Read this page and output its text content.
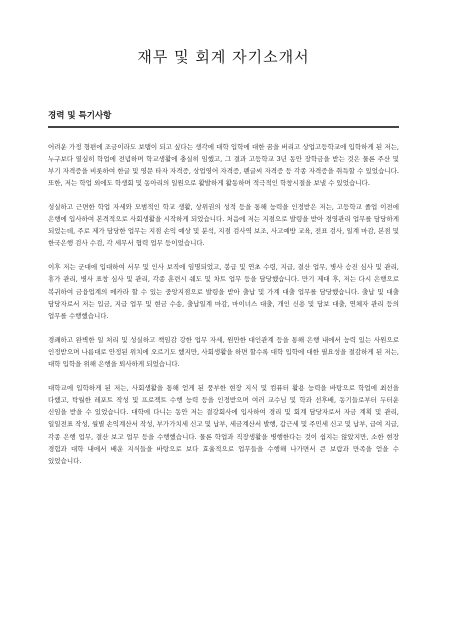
재무 및 회계 자기소개서
경력 및 특기사항

어려운 가정 형편에 조금이라도 보탬이 되고 싶다는 생각에 대학 입학에 대한 꿈을 버리고 상업고등학교에 입학하게 된 저는, 누구보다 열심히 학업에 전념하며 학교생활에 충실히 임했고, 그 결과 고등학교 3년 동안 장학금을 받는 것은 물론 주산 및 부기 자격증을 비롯하여 한글 및 영문 타자 자격증, 상업영어 자격증, 펜글씨 자격증 등 각종 자격증을 취득할 수 있었습니다. 또한, 저는 학업 외에도 학생회 및 동아리의 일원으로 활발하게 활동하며 적극적인 학창시절을 보낼 수 있었습니다.

성실하고 근면한 학업 자세와 모범적인 학교 생활, 상위권의 성적 등을 통해 능력을 인정받은 저는, 고등학교 졸업 이전에 은행에 입사하여 본격적으로 사회생활을 시작하게 되었습니다. 처음에 저는 지점으로 발령을 받아 경영관리 업무를 담당하게 되었는데, 주로 제가 담당한 업무는 지점 손익 예상 및 분석, 지점 검사역 보조, 사고예방 교육, 전표 검사, 일계 마감, 본점 및 한국은행 검사 수검, 각 세무서 협력 업무 등이었습니다.

이후 저는 군대에 입대하여 서무 및 인사 보직에 임명되었고, 봉급 및 연초 수령, 지급, 결산 업무, 병사 승진 심사 및 관리, 휴가 관리, 병사 표창 심사 및 관리, 각종 훈련시 쉐도 및 차트 업무 등을 담당했습니다. 만기 제대 후, 저는 다시 은행으로 복귀하여 금융업계의 메카라 할 수 있는 중앙지점으로 발령을 받아 출납 및 가계 대출 업무를 담당했습니다. 출납 및 대출 담당자로서 저는 입금, 지급 업무 및 현금 수송, 출납일계 마감, 마이너스 대출, 개인 신용 및 담보 대출, 연체자 관리 등의 업무를 수행했습니다.

경쾌하고 완벽한 일 처리 및 성실하고 책임감 강한 업무 자세, 원만한 대인관계 등을 통해 은행 내에서 능력 있는 사원으로 인정받으며 나름대로 안정된 위치에 오르기도 했지만, 사회생활을 하면 할수록 대학 입학에 대한 필요성을 절감하게 된 저는, 대학 입학을 위해 은행을 퇴사하게 되었습니다.

대학교에 입학하게 된 저는, 사회생활을 통해 얻게 된 풍부한 현장 지식 및 컴퓨터 활용 능력을 바탕으로 학업에 최선을 다했고, 탁월한 레포트 작성 및 프로젝트 수행 능력 등을 인정받으며 여러 교수님 및 학과 선후배, 동기들로부터 두터운 신임을 받을 수 있었습니다. 대학에 다니는 동안 저는 결강회사에 입사하여 경리 및 회계 담당자로서 자금 계획 및 관리, 일일전표 작성, 월별 손익계산서 작성, 부가가치세 신고 및 납부, 세금계산서 발행, 갑근세 및 주민세 신고 및 납부, 급여 지급, 각종 은행 업무, 결산 보고 업무 등을 수행했습니다. 물론 학업과 직장생활을 병행한다는 것이 쉽지는 않았지만, 소한 현장 경험과 대학 내에서 배운 지식들을 바탕으로 보다 효율적으로 업무들을 수행해 나가면서 큰 보람과 만족을 얻을 수 있었습니다.
